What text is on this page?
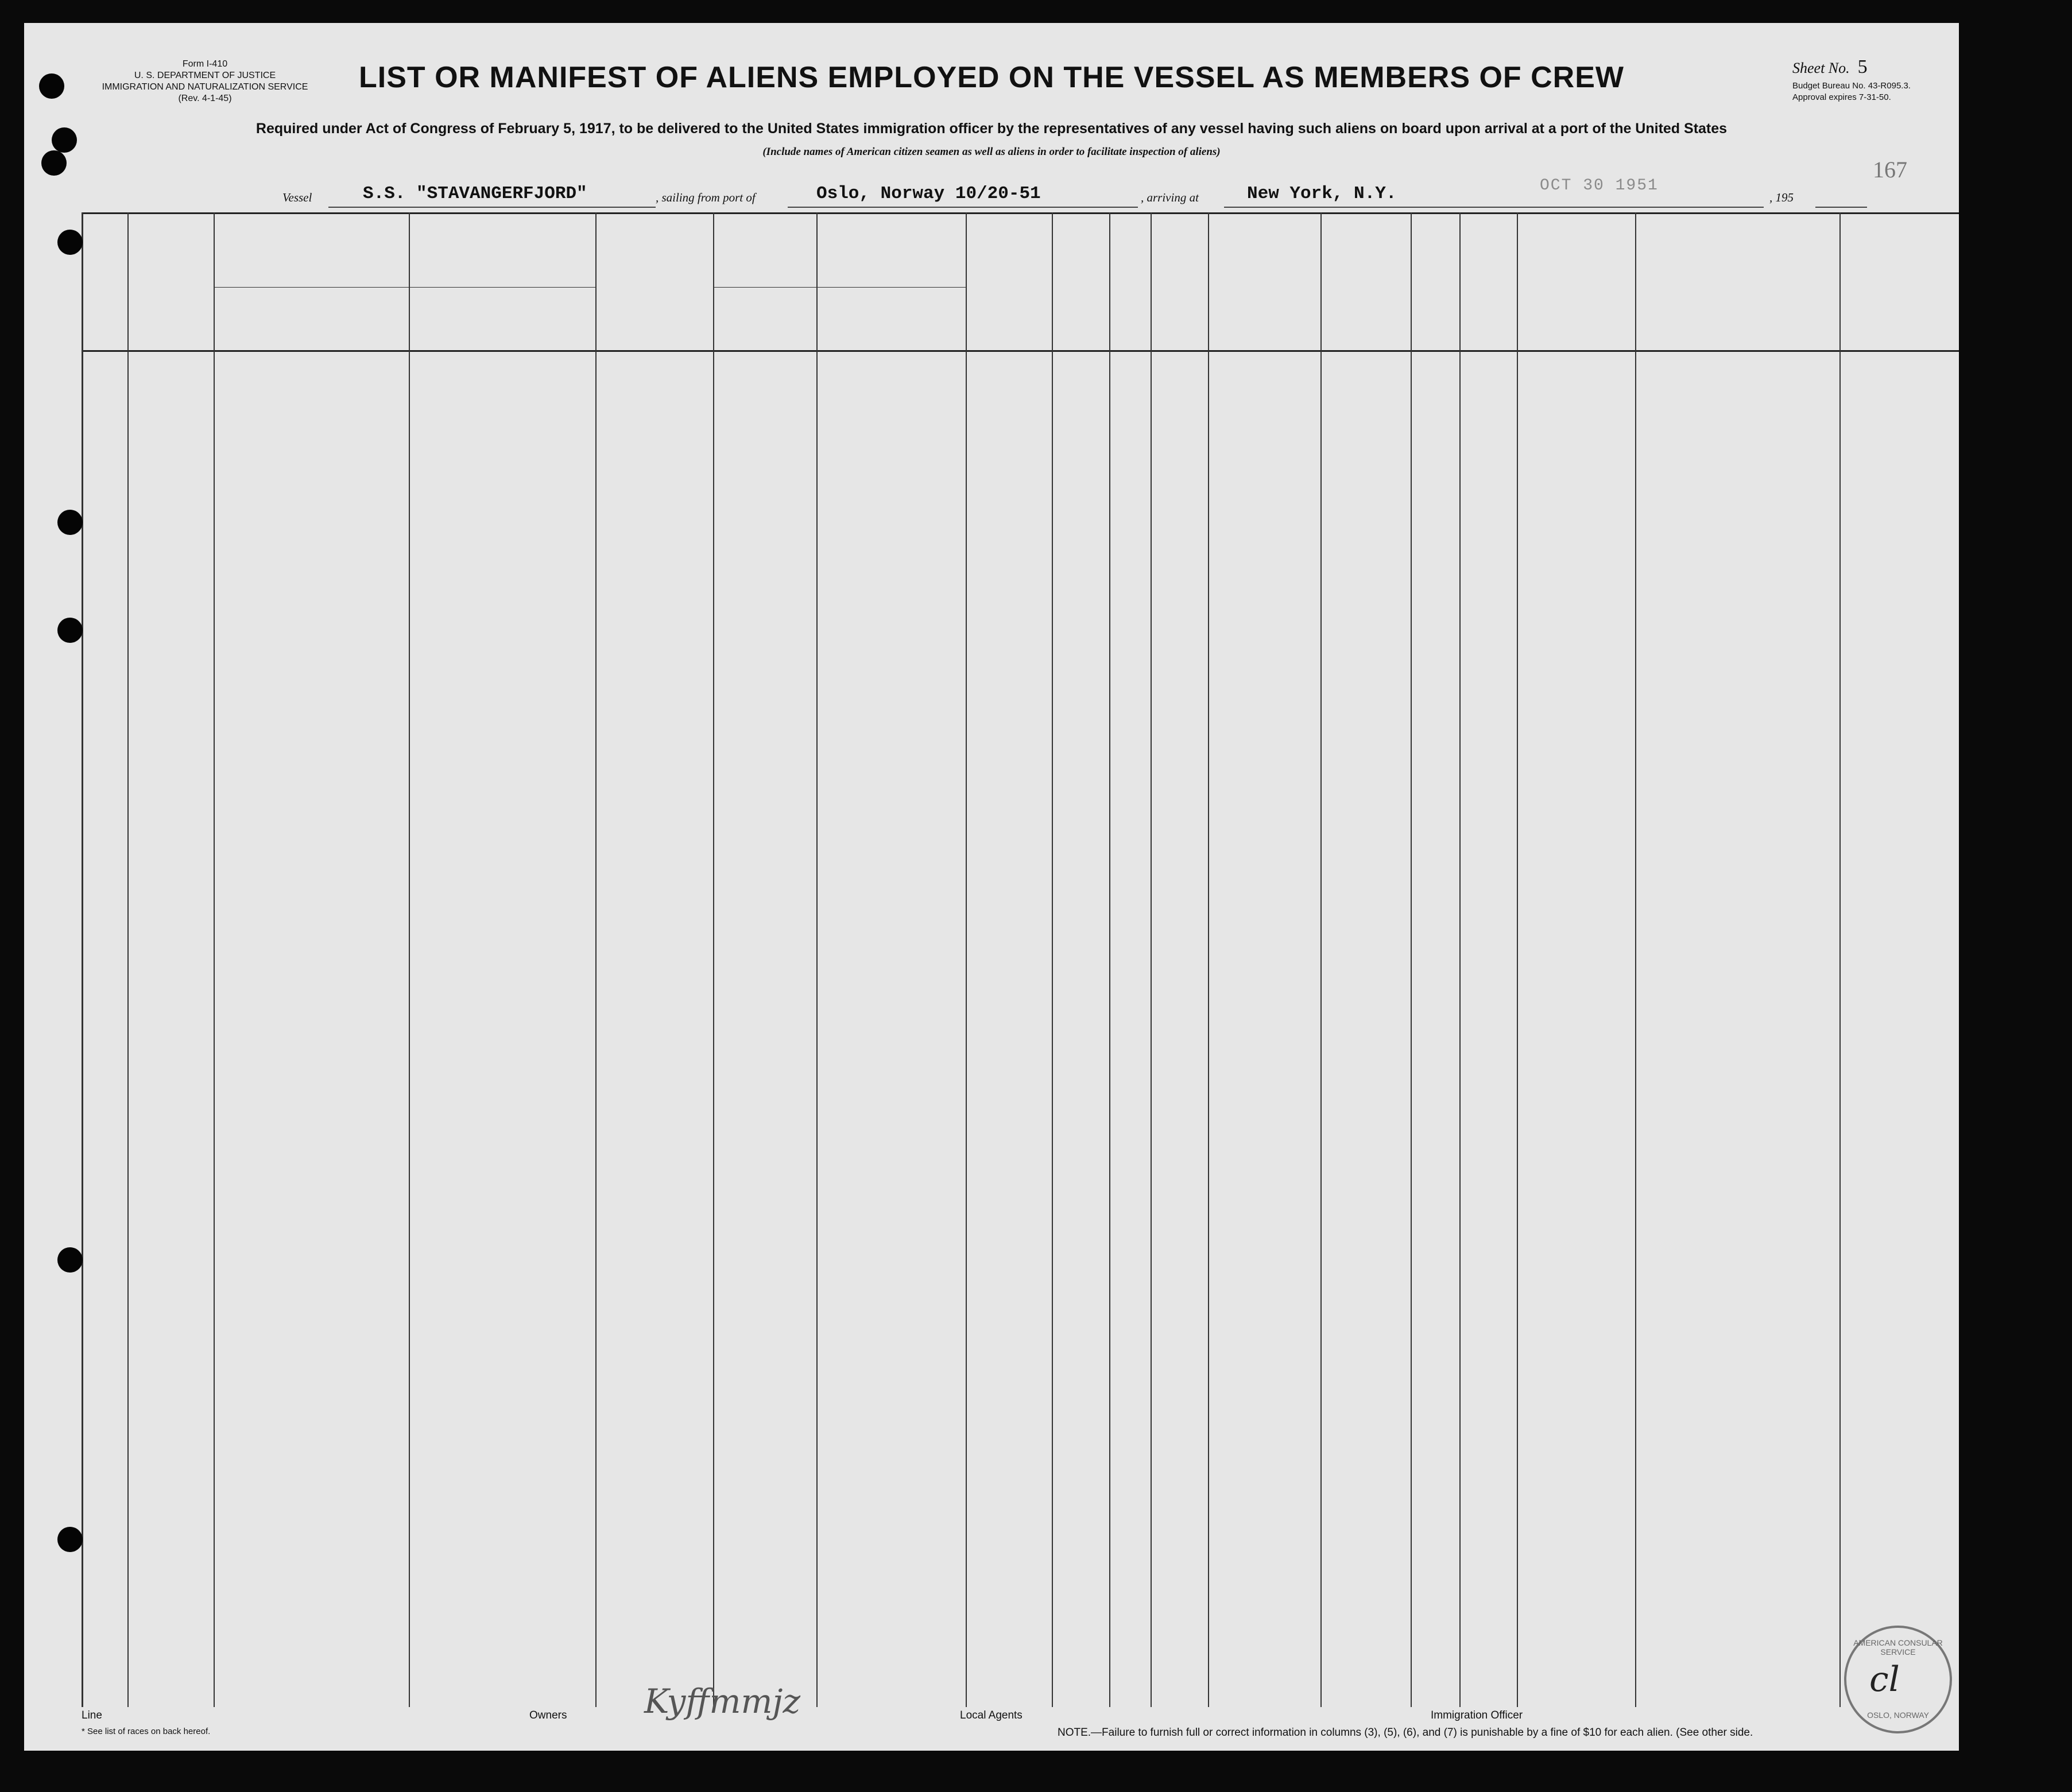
Form I-410
U. S. DEPARTMENT OF JUSTICE
IMMIGRATION AND NATURALIZATION SERVICE
(Rev. 4-1-45)
LIST OR MANIFEST OF ALIENS EMPLOYED ON THE VESSEL AS MEMBERS OF CREW	Sheet No. 5
Budget Bureau No. 43-R095.3.
Approval expires 7-31-50.
Required under Act of Congress of February 5, 1917, to be delivered to the United States immigration officer by the representatives of any vessel having such aliens on board upon arrival at a port of the United States
(Include names of American citizen seamen as well as aliens in order to facilitate inspection of aliens)
Vessel	S.S. "STAVANGERFJORD"	, sailing from port of	Oslo, Norway 10/20-51	, arriving at	New York, N.Y.	OCT 30 1951
, 195
167
AMERICAN CONSULAR SERVICE
cl
OSLO, NORWAY
Kyffmmjz
Line	Owners	Local Agents	Immigration Officer
* See list of races on back hereof.	NOTE.—Failure to furnish full or correct information in columns (3), (5), (6), and (7) is punishable by a fine of $10 for each alien. (See other side.
